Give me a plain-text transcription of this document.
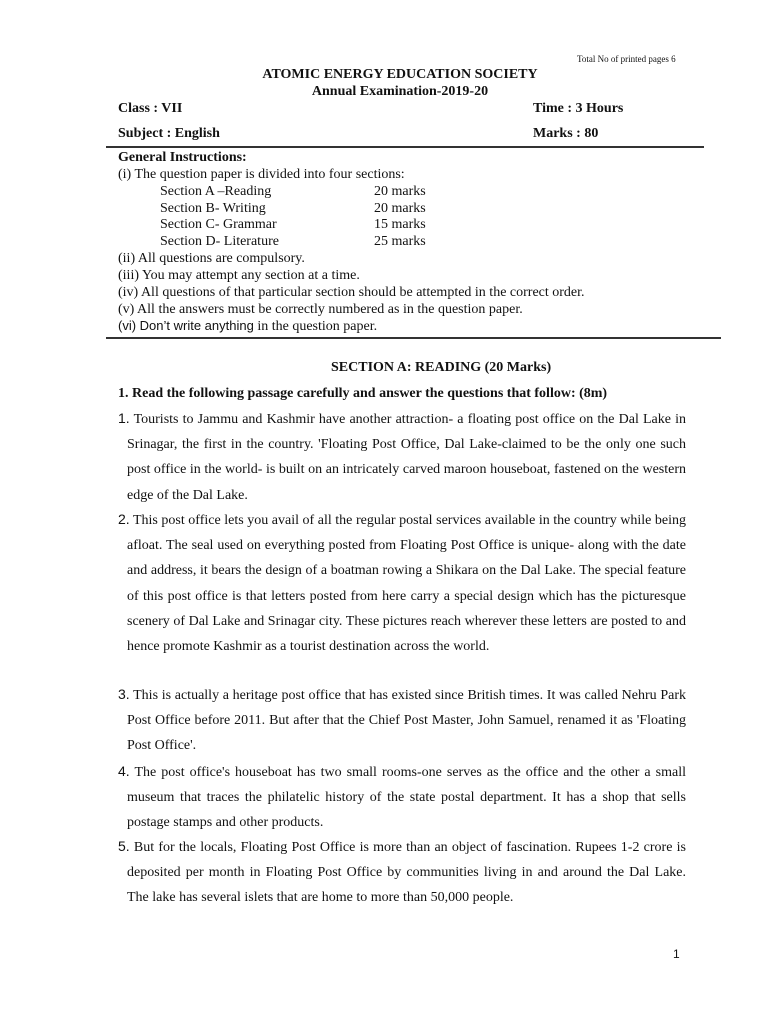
Total No of printed pages 6
ATOMIC ENERGY EDUCATION SOCIETY
Annual Examination-2019-20
Class : VII	Time : 3 Hours
Subject : English	Marks : 80
General Instructions:
(i) The question paper is divided into four sections:
Section A –Reading	20 marks
Section B- Writing	20 marks
Section C- Grammar	15 marks
Section D- Literature	25 marks
(ii) All questions are compulsory.
(iii) You may attempt any section at a time.
(iv) All questions of that particular section should be attempted in the correct order.
(v) All the answers must be correctly numbered as in the question paper.
(vi) Don’t write anything in the question paper.
SECTION A: READING (20 Marks)
1. Read the following passage carefully and answer the questions that follow: (8m)
1. Tourists to Jammu and Kashmir have another attraction- a floating post office on the Dal Lake in Srinagar, the first in the country. 'Floating Post Office, Dal Lake-claimed to be the only one such post office in the world- is built on an intricately carved maroon houseboat, fastened on the western edge of the Dal Lake.
2. This post office lets you avail of all the regular postal services available in the country while being afloat. The seal used on everything posted from Floating Post Office is unique- along with the date and address, it bears the design of a boatman rowing a Shikara on the Dal Lake. The special feature of this post office is that letters posted from here carry a special design which has the picturesque scenery of Dal Lake and Srinagar city. These pictures reach wherever these letters are posted to and hence promote Kashmir as a tourist destination across the world.
3. This is actually a heritage post office that has existed since British times. It was called Nehru Park Post Office before 2011. But after that the Chief Post Master, John Samuel, renamed it as 'Floating Post Office'.
4. The post office's houseboat has two small rooms-one serves as the office and the other a small museum that traces the philatelic history of the state postal department. It has a shop that sells postage stamps and other products.
5. But for the locals, Floating Post Office is more than an object of fascination. Rupees 1-2 crore is deposited per month in Floating Post Office by communities living in and around the Dal Lake. The lake has several islets that are home to more than 50,000 people.
1
